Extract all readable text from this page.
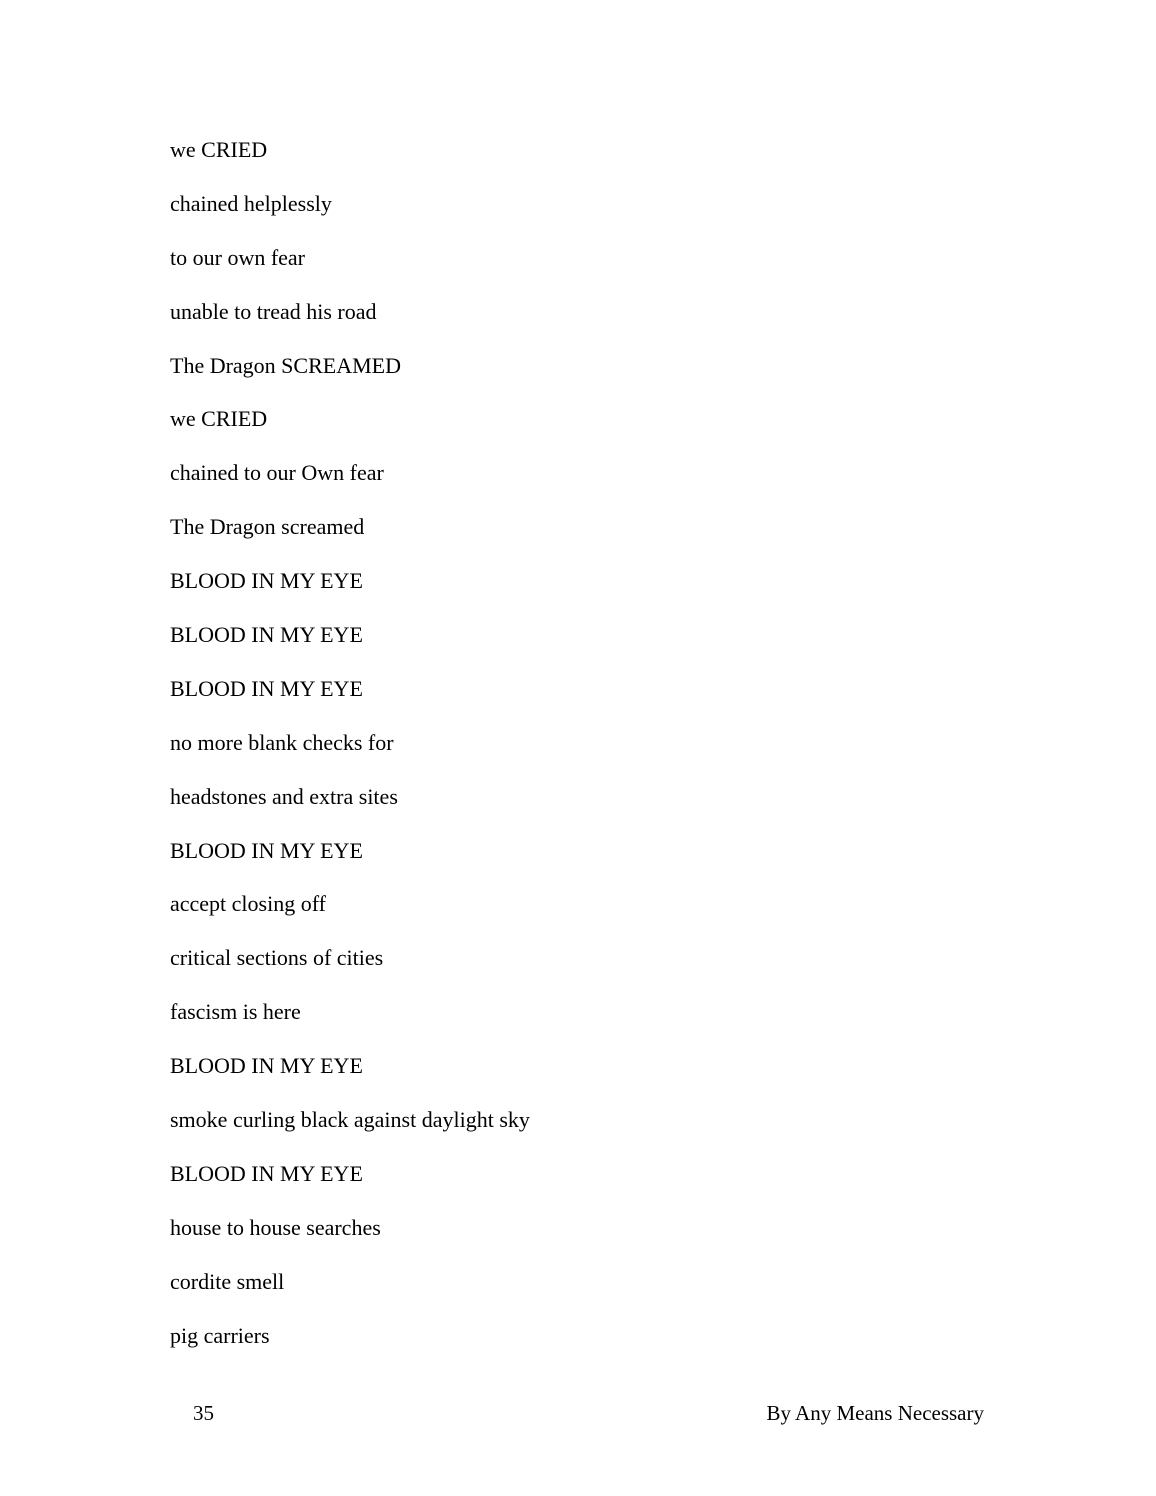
we CRIED
chained helplessly
to our own fear
unable to tread his road
The Dragon SCREAMED
we CRIED
chained to our Own fear
The Dragon screamed
BLOOD IN MY EYE
BLOOD IN MY EYE
BLOOD IN MY EYE
no more blank checks for
headstones and extra sites
BLOOD IN MY EYE
accept closing off
critical sections of cities
fascism is here
BLOOD IN MY EYE
smoke curling black against daylight sky
BLOOD IN MY EYE
house to house searches
cordite smell
pig carriers
35	By Any Means Necessary
